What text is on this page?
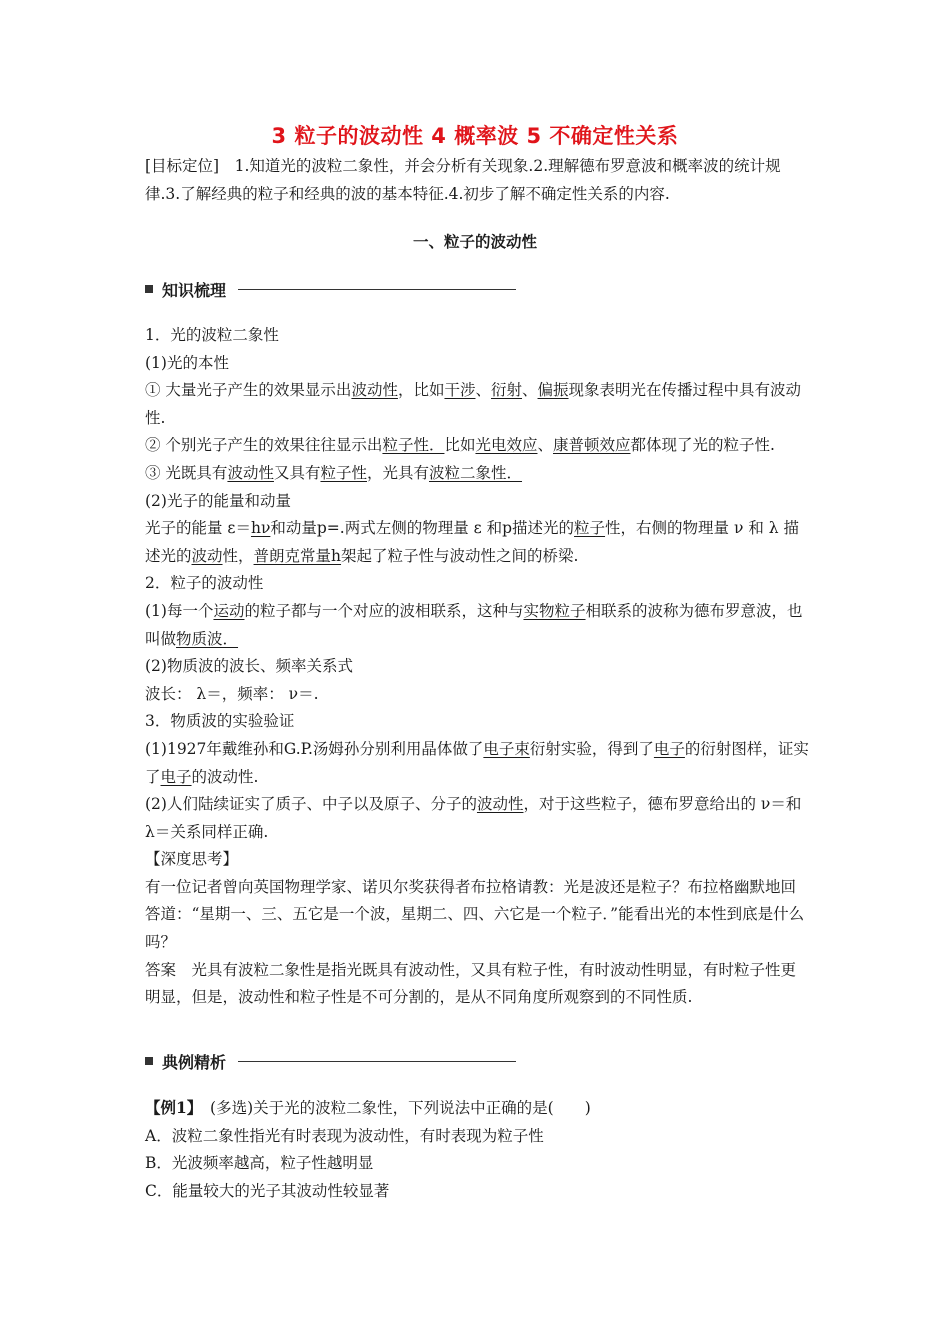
3 粒子的波动性 4 概率波 5 不确定性关系

[目标定位]　 1.知道光的波粒二象性，并会分析有关现象.2.理解德布罗意波和概率波的统计规律.3.了解经典的粒子和经典的波的基本特征.4.初步了解不确定性关系的内容.

一、粒子的波动性
知识梳理

1．光的波粒二象性

(1)光的本性

① 大量光子产生的效果显示出波动性，比如干涉、衍射、偏振现象表明光在传播过程中具有波动性.

② 个别光子产生的效果往往显示出粒子性．比如光电效应、康普顿效应都体现了光的粒子性.

③ 光既具有波动性又具有粒子性，光具有波粒二象性．

(2)光子的能量和动量

光子的能量 ε＝hν和动量p=.两式左侧的物理量 ε 和p描述光的粒子性，右侧的物理量 ν 和 λ 描述光的波动性，普朗克常量h架起了粒子性与波动性之间的桥梁.

2．粒子的波动性

(1)每一个运动的粒子都与一个对应的波相联系，这种与实物粒子相联系的波称为德布罗意波，也叫做物质波．

(2)物质波的波长、频率关系式

波长： λ＝，频率： ν＝.

3．物质波的实验验证

(1)1927年戴维孙和G.P.汤姆孙分别利用晶体做了电子束衍射实验，得到了电子的衍射图样，证实了电子的波动性.

(2)人们陆续证实了质子、中子以及原子、分子的波动性，对于这些粒子，德布罗意给出的 ν＝和 λ＝关系同样正确.

【深度思考】

有一位记者曾向英国物理学家、诺贝尔奖获得者布拉格请教：光是波还是粒子？布拉格幽默地回答道：“星期一、三、五它是一个波，星期二、四、六它是一个粒子．”能看出光的本性到底是什么吗？

答案　光具有波粒二象性是指光既具有波动性，又具有粒子性，有时波动性明显，有时粒子性更明显，但是，波动性和粒子性是不可分割的，是从不同角度所观察到的不同性质.

典例精析

【例1】　(多选)关于光的波粒二象性，下列说法中正确的是(　　)

A．波粒二象性指光有时表现为波动性，有时表现为粒子性

B．光波频率越高，粒子性越明显

C．能量较大的光子其波动性较显著
